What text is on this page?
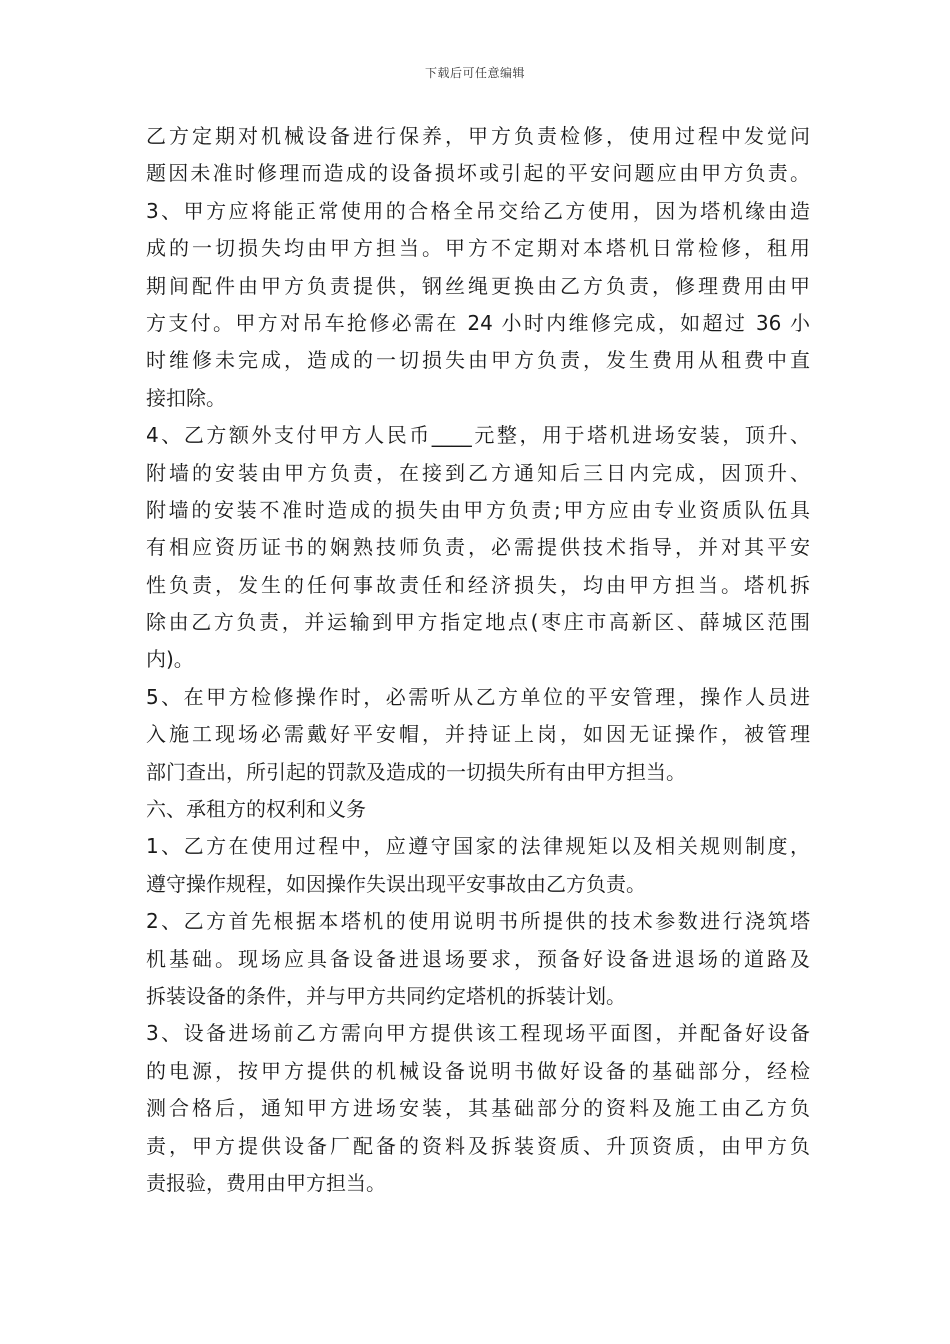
下载后可任意编辑
乙方定期对机械设备进行保养，甲方负责检修，使用过程中发觉问
题因未准时修理而造成的设备损坏或引起的平安问题应由甲方负责。
3、甲方应将能正常使用的合格全吊交给乙方使用，因为塔机缘由造
成的一切损失均由甲方担当。甲方不定期对本塔机日常检修，租用
期间配件由甲方负责提供，钢丝绳更换由乙方负责，修理费用由甲
方支付。甲方对吊车抢修必需在 24 小时内维修完成，如超过 36 小
时维修未完成，造成的一切损失由甲方负责，发生费用从租费中直
接扣除。
4、乙方额外支付甲方人民币____元整，用于塔机进场安装，顶升、
附墙的安装由甲方负责，在接到乙方通知后三日内完成，因顶升、
附墙的安装不准时造成的损失由甲方负责;甲方应由专业资质队伍具
有相应资历证书的娴熟技师负责，必需提供技术指导，并对其平安
性负责，发生的任何事故责任和经济损失，均由甲方担当。塔机拆
除由乙方负责，并运输到甲方指定地点(枣庄市高新区、薛城区范围
内)。
5、在甲方检修操作时，必需听从乙方单位的平安管理，操作人员进
入施工现场必需戴好平安帽，并持证上岗，如因无证操作，被管理
部门查出，所引起的罚款及造成的一切损失所有由甲方担当。
六、承租方的权利和义务
1、乙方在使用过程中，应遵守国家的法律规矩以及相关规则制度，
遵守操作规程，如因操作失误出现平安事故由乙方负责。
2、乙方首先根据本塔机的使用说明书所提供的技术参数进行浇筑塔
机基础。现场应具备设备进退场要求，预备好设备进退场的道路及
拆装设备的条件，并与甲方共同约定塔机的拆装计划。
3、设备进场前乙方需向甲方提供该工程现场平面图，并配备好设备
的电源，按甲方提供的机械设备说明书做好设备的基础部分，经检
测合格后，通知甲方进场安装，其基础部分的资料及施工由乙方负
责，甲方提供设备厂配备的资料及拆装资质、升顶资质，由甲方负
责报验，费用由甲方担当。
